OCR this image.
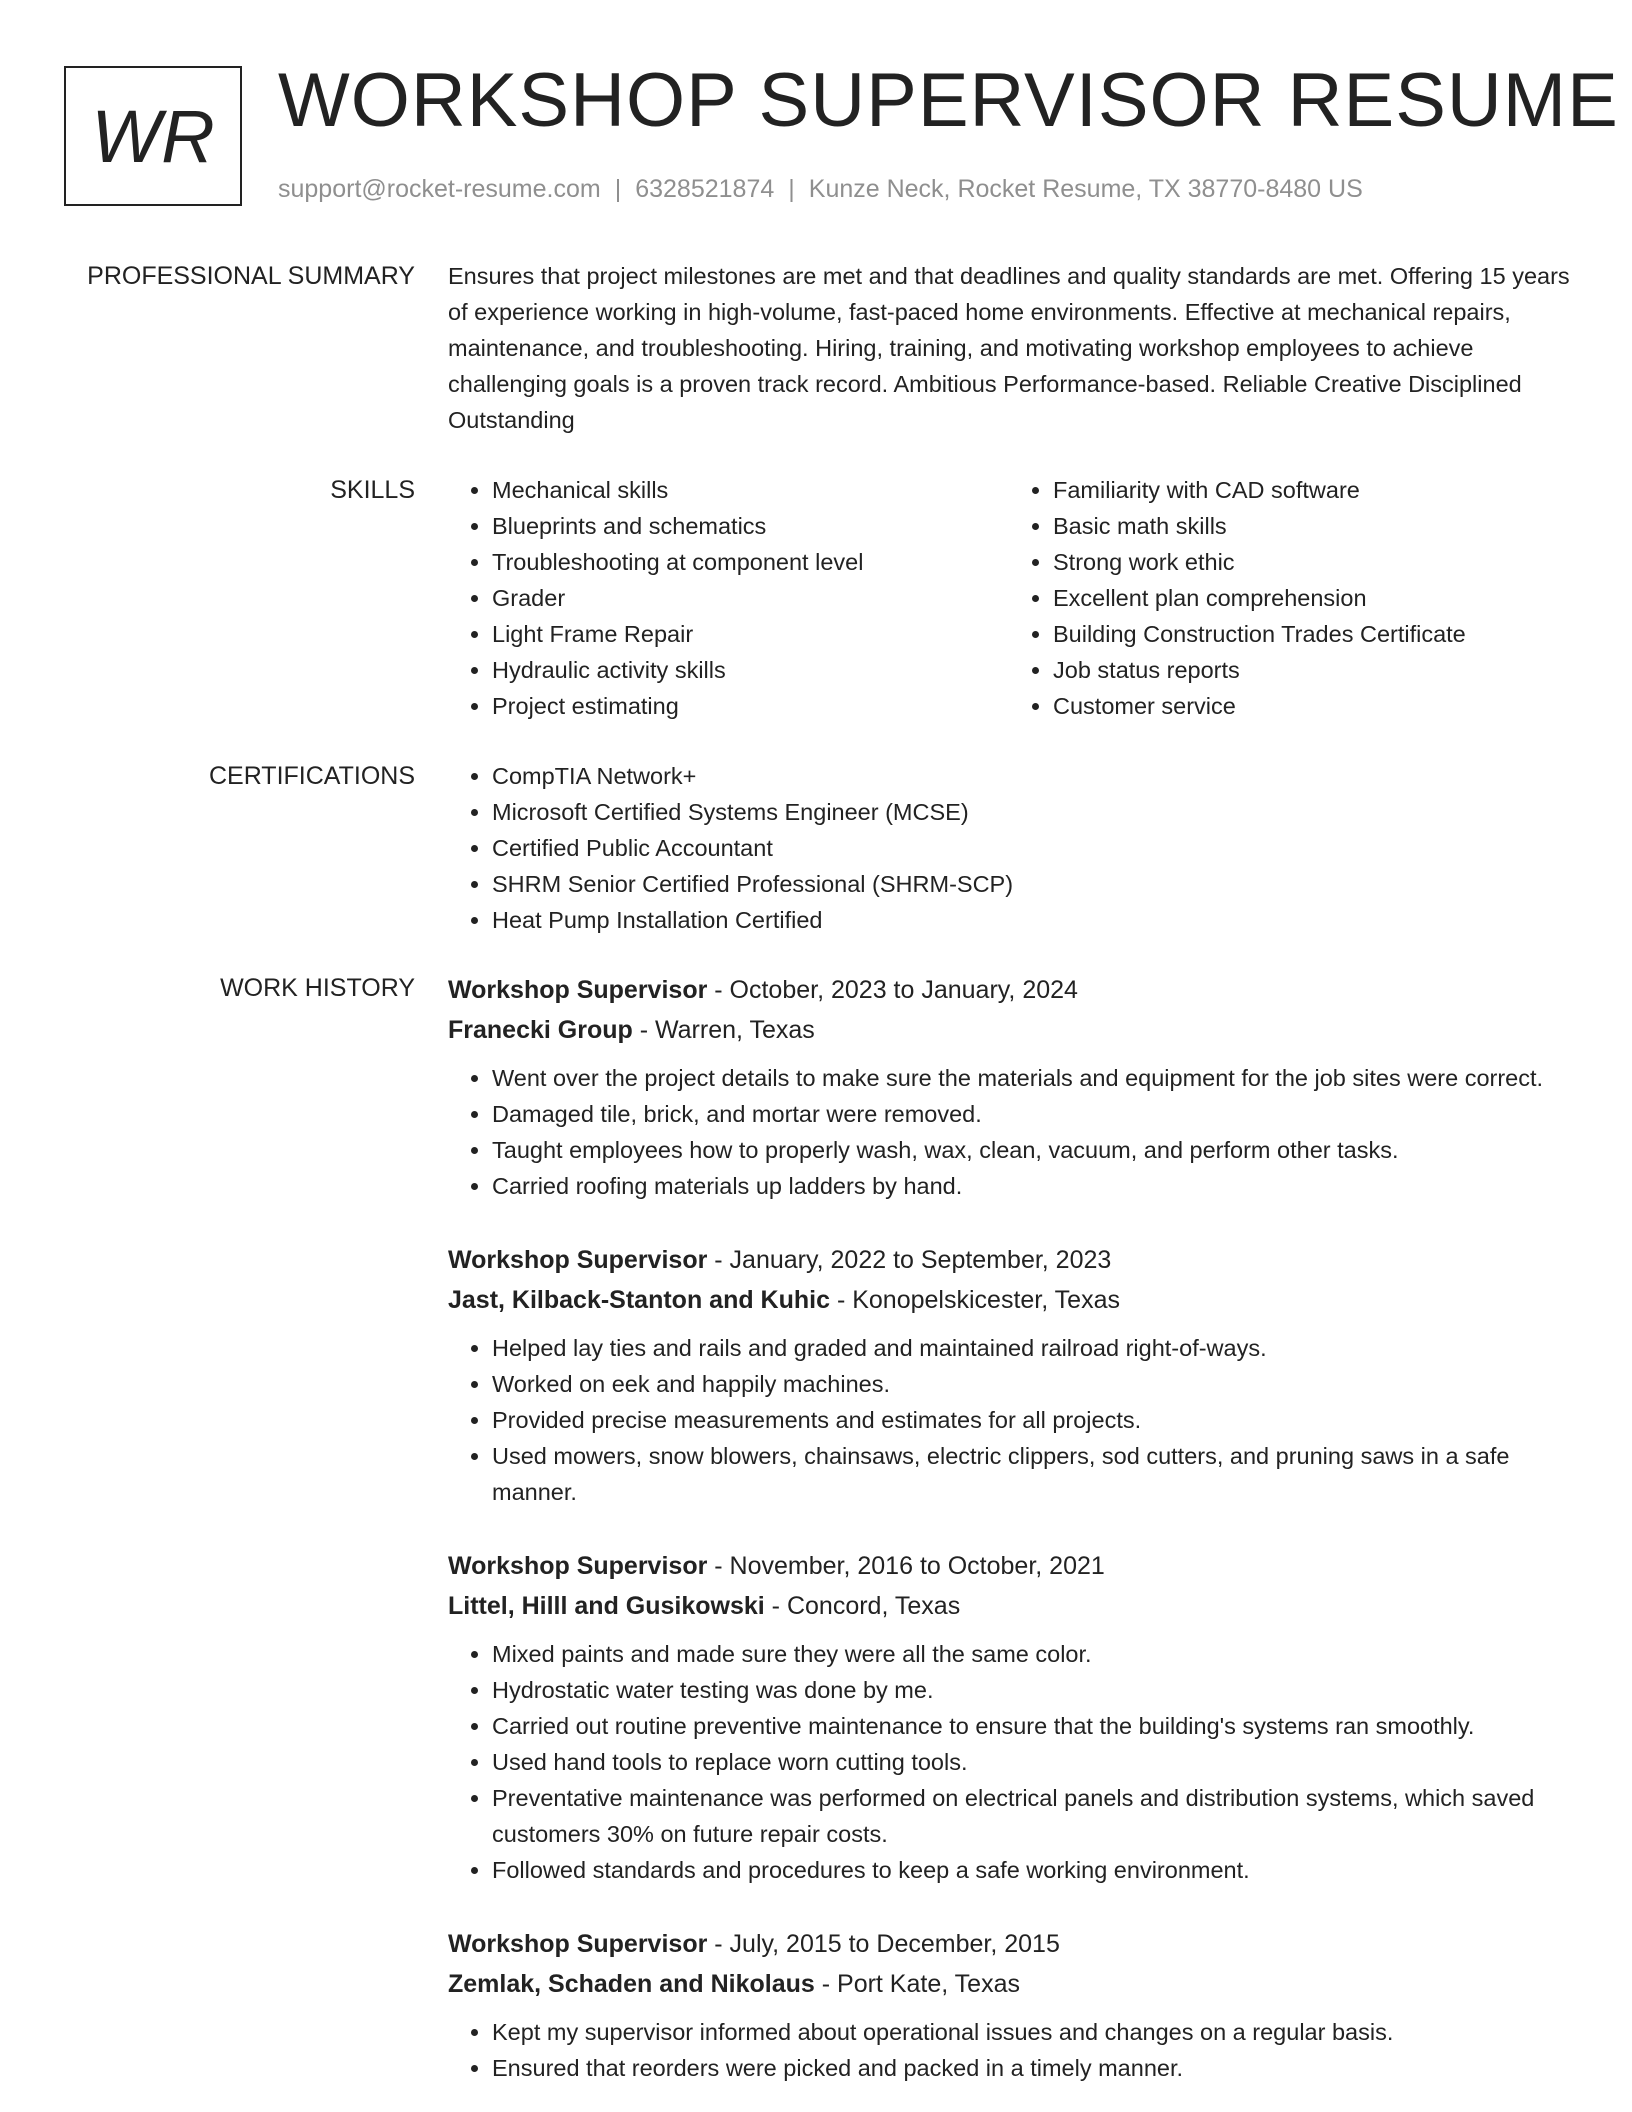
WR WORKSHOP SUPERVISOR RESUME
support@rocket-resume.com | 6328521874 | Kunze Neck, Rocket Resume, TX 38770-8480 US
PROFESSIONAL SUMMARY Ensures that project milestones are met and that deadlines and quality standards are met. Offering 15 years of experience working in high-volume, fast-paced home environments. Effective at mechanical repairs, maintenance, and troubleshooting. Hiring, training, and motivating workshop employees to achieve challenging goals is a proven track record. Ambitious Performance-based. Reliable Creative Disciplined Outstanding
SKILLS	• Mechanical skills
• Blueprints and schematics
• Troubleshooting at component level
• Grader
• Light Frame Repair
• Hydraulic activity skills
• Project estimating
• Familiarity with CAD software
• Basic math skills
• Strong work ethic
• Excellent plan comprehension
• Building Construction Trades Certificate
• Job status reports
• Customer service
CERTIFICATIONS	• CompTIA Network+
• Microsoft Certified Systems Engineer (MCSE)
• Certified Public Accountant
• SHRM Senior Certified Professional (SHRM-SCP)
• Heat Pump Installation Certified
WORK HISTORY Workshop Supervisor - October, 2023 to January, 2024
Franecki Group - Warren, Texas
• Went over the project details to make sure the materials and equipment for the job sites were correct.
• Damaged tile, brick, and mortar were removed.
• Taught employees how to properly wash, wax, clean, vacuum, and perform other tasks.
• Carried roofing materials up ladders by hand.
Workshop Supervisor - January, 2022 to September, 2023
Jast, Kilback-Stanton and Kuhic - Konopelskicester, Texas
• Helped lay ties and rails and graded and maintained railroad right-of-ways.
• Worked on eek and happily machines.
• Provided precise measurements and estimates for all projects.
• Used mowers, snow blowers, chainsaws, electric clippers, sod cutters, and pruning saws in a safe manner.
Workshop Supervisor - November, 2016 to October, 2021
Littel, Hilll and Gusikowski - Concord, Texas
• Mixed paints and made sure they were all the same color.
• Hydrostatic water testing was done by me.
• Carried out routine preventive maintenance to ensure that the building's systems ran smoothly.
• Used hand tools to replace worn cutting tools.
• Preventative maintenance was performed on electrical panels and distribution systems, which saved customers 30% on future repair costs.
• Followed standards and procedures to keep a safe working environment.
Workshop Supervisor - July, 2015 to December, 2015
Zemlak, Schaden and Nikolaus - Port Kate, Texas
• Kept my supervisor informed about operational issues and changes on a regular basis.
• Ensured that reorders were picked and packed in a timely manner.
